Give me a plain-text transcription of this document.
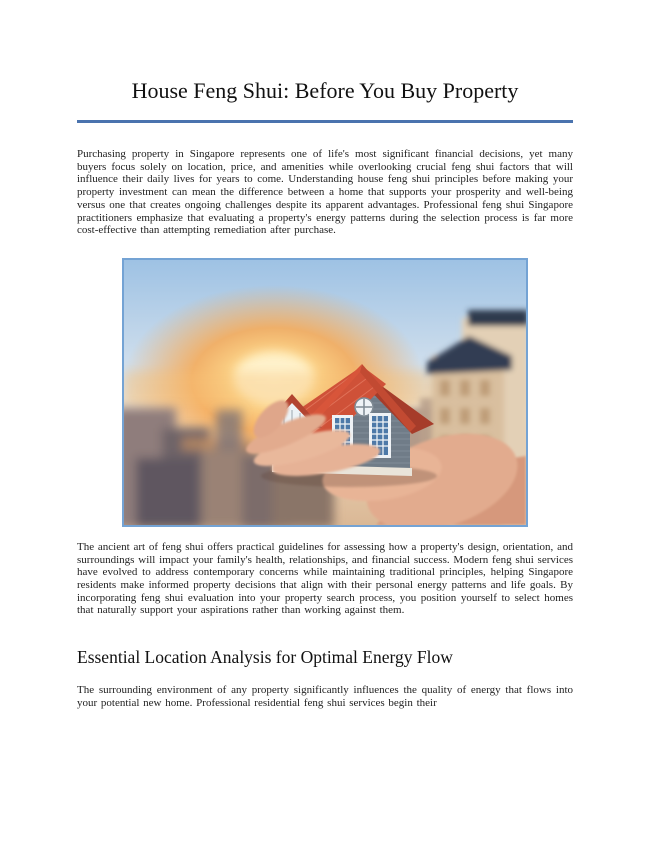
House Feng Shui: Before You Buy Property

Purchasing property in Singapore represents one of life's most significant financial decisions, yet many buyers focus solely on location, price, and amenities while overlooking crucial feng shui factors that will influence their daily lives for years to come. Understanding house feng shui principles before making your property investment can mean the difference between a home that supports your prosperity and well-being versus one that creates ongoing challenges despite its apparent advantages. Professional feng shui Singapore practitioners emphasize that evaluating a property's energy patterns during the selection process is far more cost-effective than attempting remediation after purchase.

The ancient art of feng shui offers practical guidelines for assessing how a property's design, orientation, and surroundings will impact your family's health, relationships, and financial success. Modern feng shui services have evolved to address contemporary concerns while maintaining traditional principles, helping Singapore residents make informed property decisions that align with their personal energy patterns and life goals. By incorporating feng shui evaluation into your property search process, you position yourself to select homes that naturally support your aspirations rather than working against them.

Essential Location Analysis for Optimal Energy Flow

The surrounding environment of any property significantly influences the quality of energy that flows into your potential new home. Professional residential feng shui services begin their
